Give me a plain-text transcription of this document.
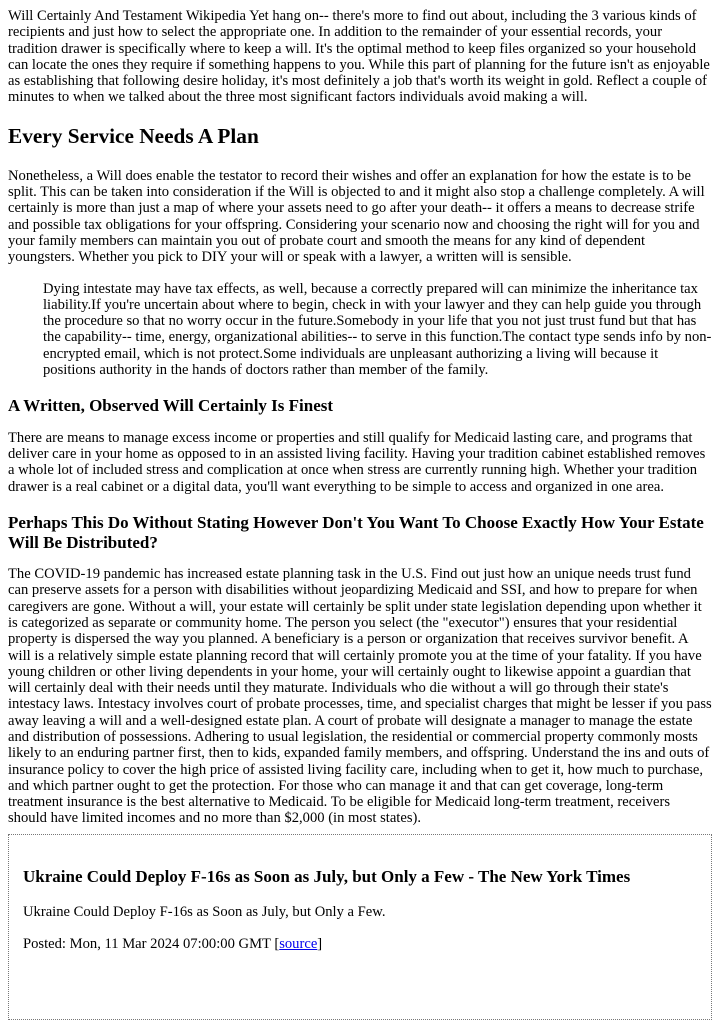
Will Certainly And Testament Wikipedia Yet hang on-- there's more to find out about, including the 3 various kinds of recipients and just how to select the appropriate one. In addition to the remainder of your essential records, your tradition drawer is specifically where to keep a will. It's the optimal method to keep files organized so your household can locate the ones they require if something happens to you. While this part of planning for the future isn't as enjoyable as establishing that following desire holiday, it's most definitely a job that's worth its weight in gold. Reflect a couple of minutes to when we talked about the three most significant factors individuals avoid making a will.

Every Service Needs A Plan

Nonetheless, a Will does enable the testator to record their wishes and offer an explanation for how the estate is to be split. This can be taken into consideration if the Will is objected to and it might also stop a challenge completely. A will certainly is more than just a map of where your assets need to go after your death-- it offers a means to decrease strife and possible tax obligations for your offspring. Considering your scenario now and choosing the right will for you and your family members can maintain you out of probate court and smooth the means for any kind of dependent youngsters. Whether you pick to DIY your will or speak with a lawyer, a written will is sensible.

Dying intestate may have tax effects, as well, because a correctly prepared will can minimize the inheritance tax liability.If you're uncertain about where to begin, check in with your lawyer and they can help guide you through the procedure so that no worry occur in the future.Somebody in your life that you not just trust fund but that has the capability-- time, energy, organizational abilities-- to serve in this function.The contact type sends info by non-encrypted email, which is not protect.Some individuals are unpleasant authorizing a living will because it positions authority in the hands of doctors rather than member of the family.

A Written, Observed Will Certainly Is Finest

There are means to manage excess income or properties and still qualify for Medicaid lasting care, and programs that deliver care in your home as opposed to in an assisted living facility. Having your tradition cabinet established removes a whole lot of included stress and complication at once when stress are currently running high. Whether your tradition drawer is a real cabinet or a digital data, you'll want everything to be simple to access and organized in one area.

Perhaps This Do Without Stating However Don't You Want To Choose Exactly How Your Estate Will Be Distributed?

The COVID-19 pandemic has increased estate planning task in the U.S. Find out just how an unique needs trust fund can preserve assets for a person with disabilities without jeopardizing Medicaid and SSI, and how to prepare for when caregivers are gone. Without a will, your estate will certainly be split under state legislation depending upon whether it is categorized as separate or community home. The person you select (the "executor") ensures that your residential property is dispersed the way you planned. A beneficiary is a person or organization that receives survivor benefit. A will is a relatively simple estate planning record that will certainly promote you at the time of your fatality. If you have young children or other living dependents in your home, your will certainly ought to likewise appoint a guardian that will certainly deal with their needs until they maturate. Individuals who die without a will go through their state's intestacy laws. Intestacy involves court of probate processes, time, and specialist charges that might be lesser if you pass away leaving a will and a well-designed estate plan. A court of probate will designate a manager to manage the estate and distribution of possessions. Adhering to usual legislation, the residential or commercial property commonly mosts likely to an enduring partner first, then to kids, expanded family members, and offspring. Understand the ins and outs of insurance policy to cover the high price of assisted living facility care, including when to get it, how much to purchase, and which partner ought to get the protection. For those who can manage it and that can get coverage, long-term treatment insurance is the best alternative to Medicaid. To be eligible for Medicaid long-term treatment, receivers should have limited incomes and no more than $2,000 (in most states).

Ukraine Could Deploy F-16s as Soon as July, but Only a Few - The New York Times

Ukraine Could Deploy F-16s as Soon as July, but Only a Few.

Posted: Mon, 11 Mar 2024 07:00:00 GMT [source]
